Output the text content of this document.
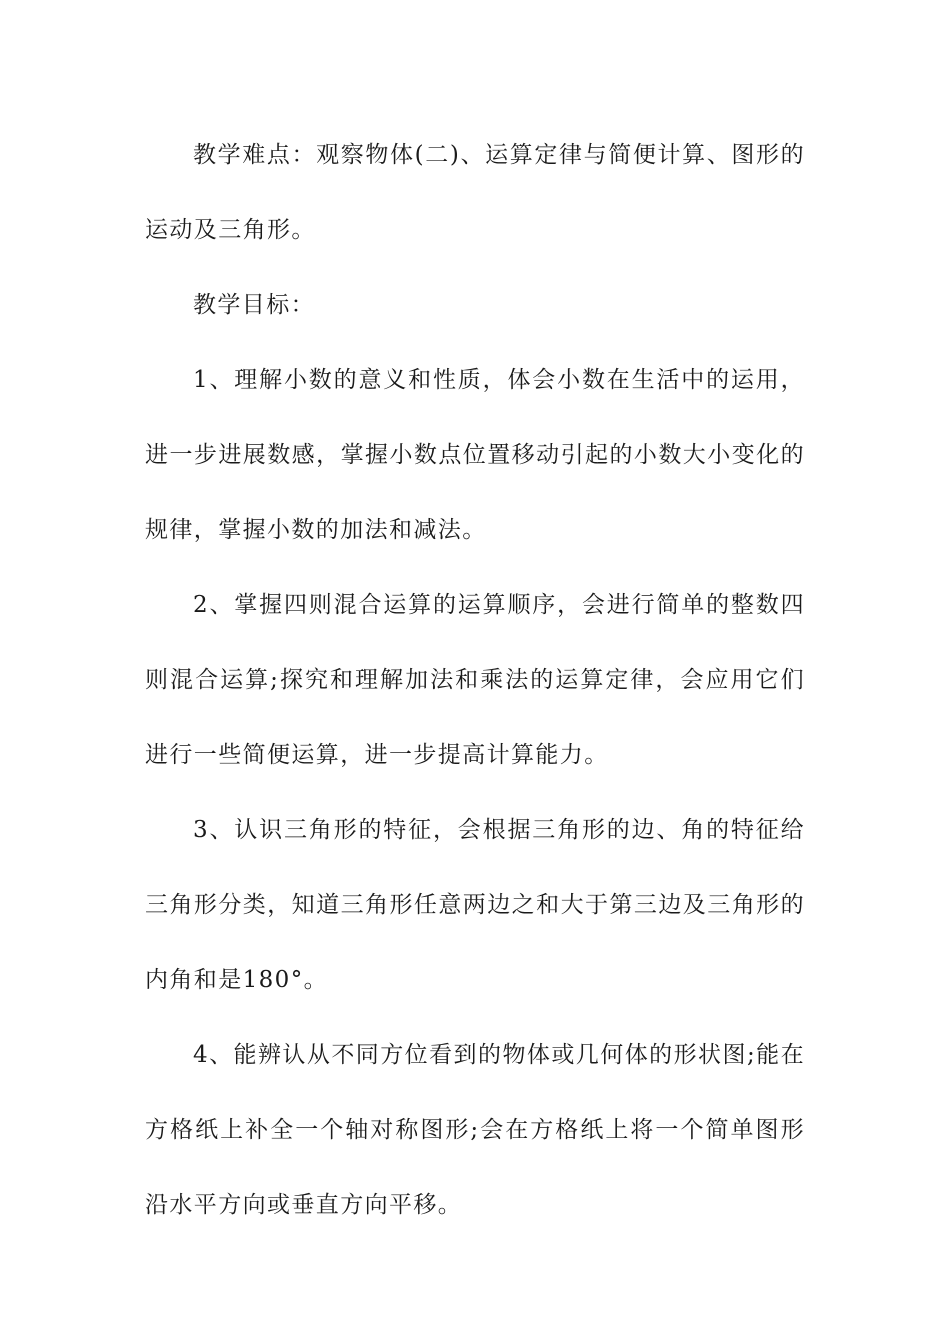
教学难点：观察物体(二)、运算定律与简便计算、图形的运动及三角形。

教学目标：

1、理解小数的意义和性质，体会小数在生活中的运用，进一步进展数感，掌握小数点位置移动引起的小数大小变化的规律，掌握小数的加法和减法。

2、掌握四则混合运算的运算顺序，会进行简单的整数四则混合运算;探究和理解加法和乘法的运算定律，会应用它们进行一些简便运算，进一步提高计算能力。

3、认识三角形的特征，会根据三角形的边、角的特征给三角形分类，知道三角形任意两边之和大于第三边及三角形的内角和是180°。

4、能辨认从不同方位看到的物体或几何体的形状图;能在方格纸上补全一个轴对称图形;会在方格纸上将一个简单图形沿水平方向或垂直方向平移。
